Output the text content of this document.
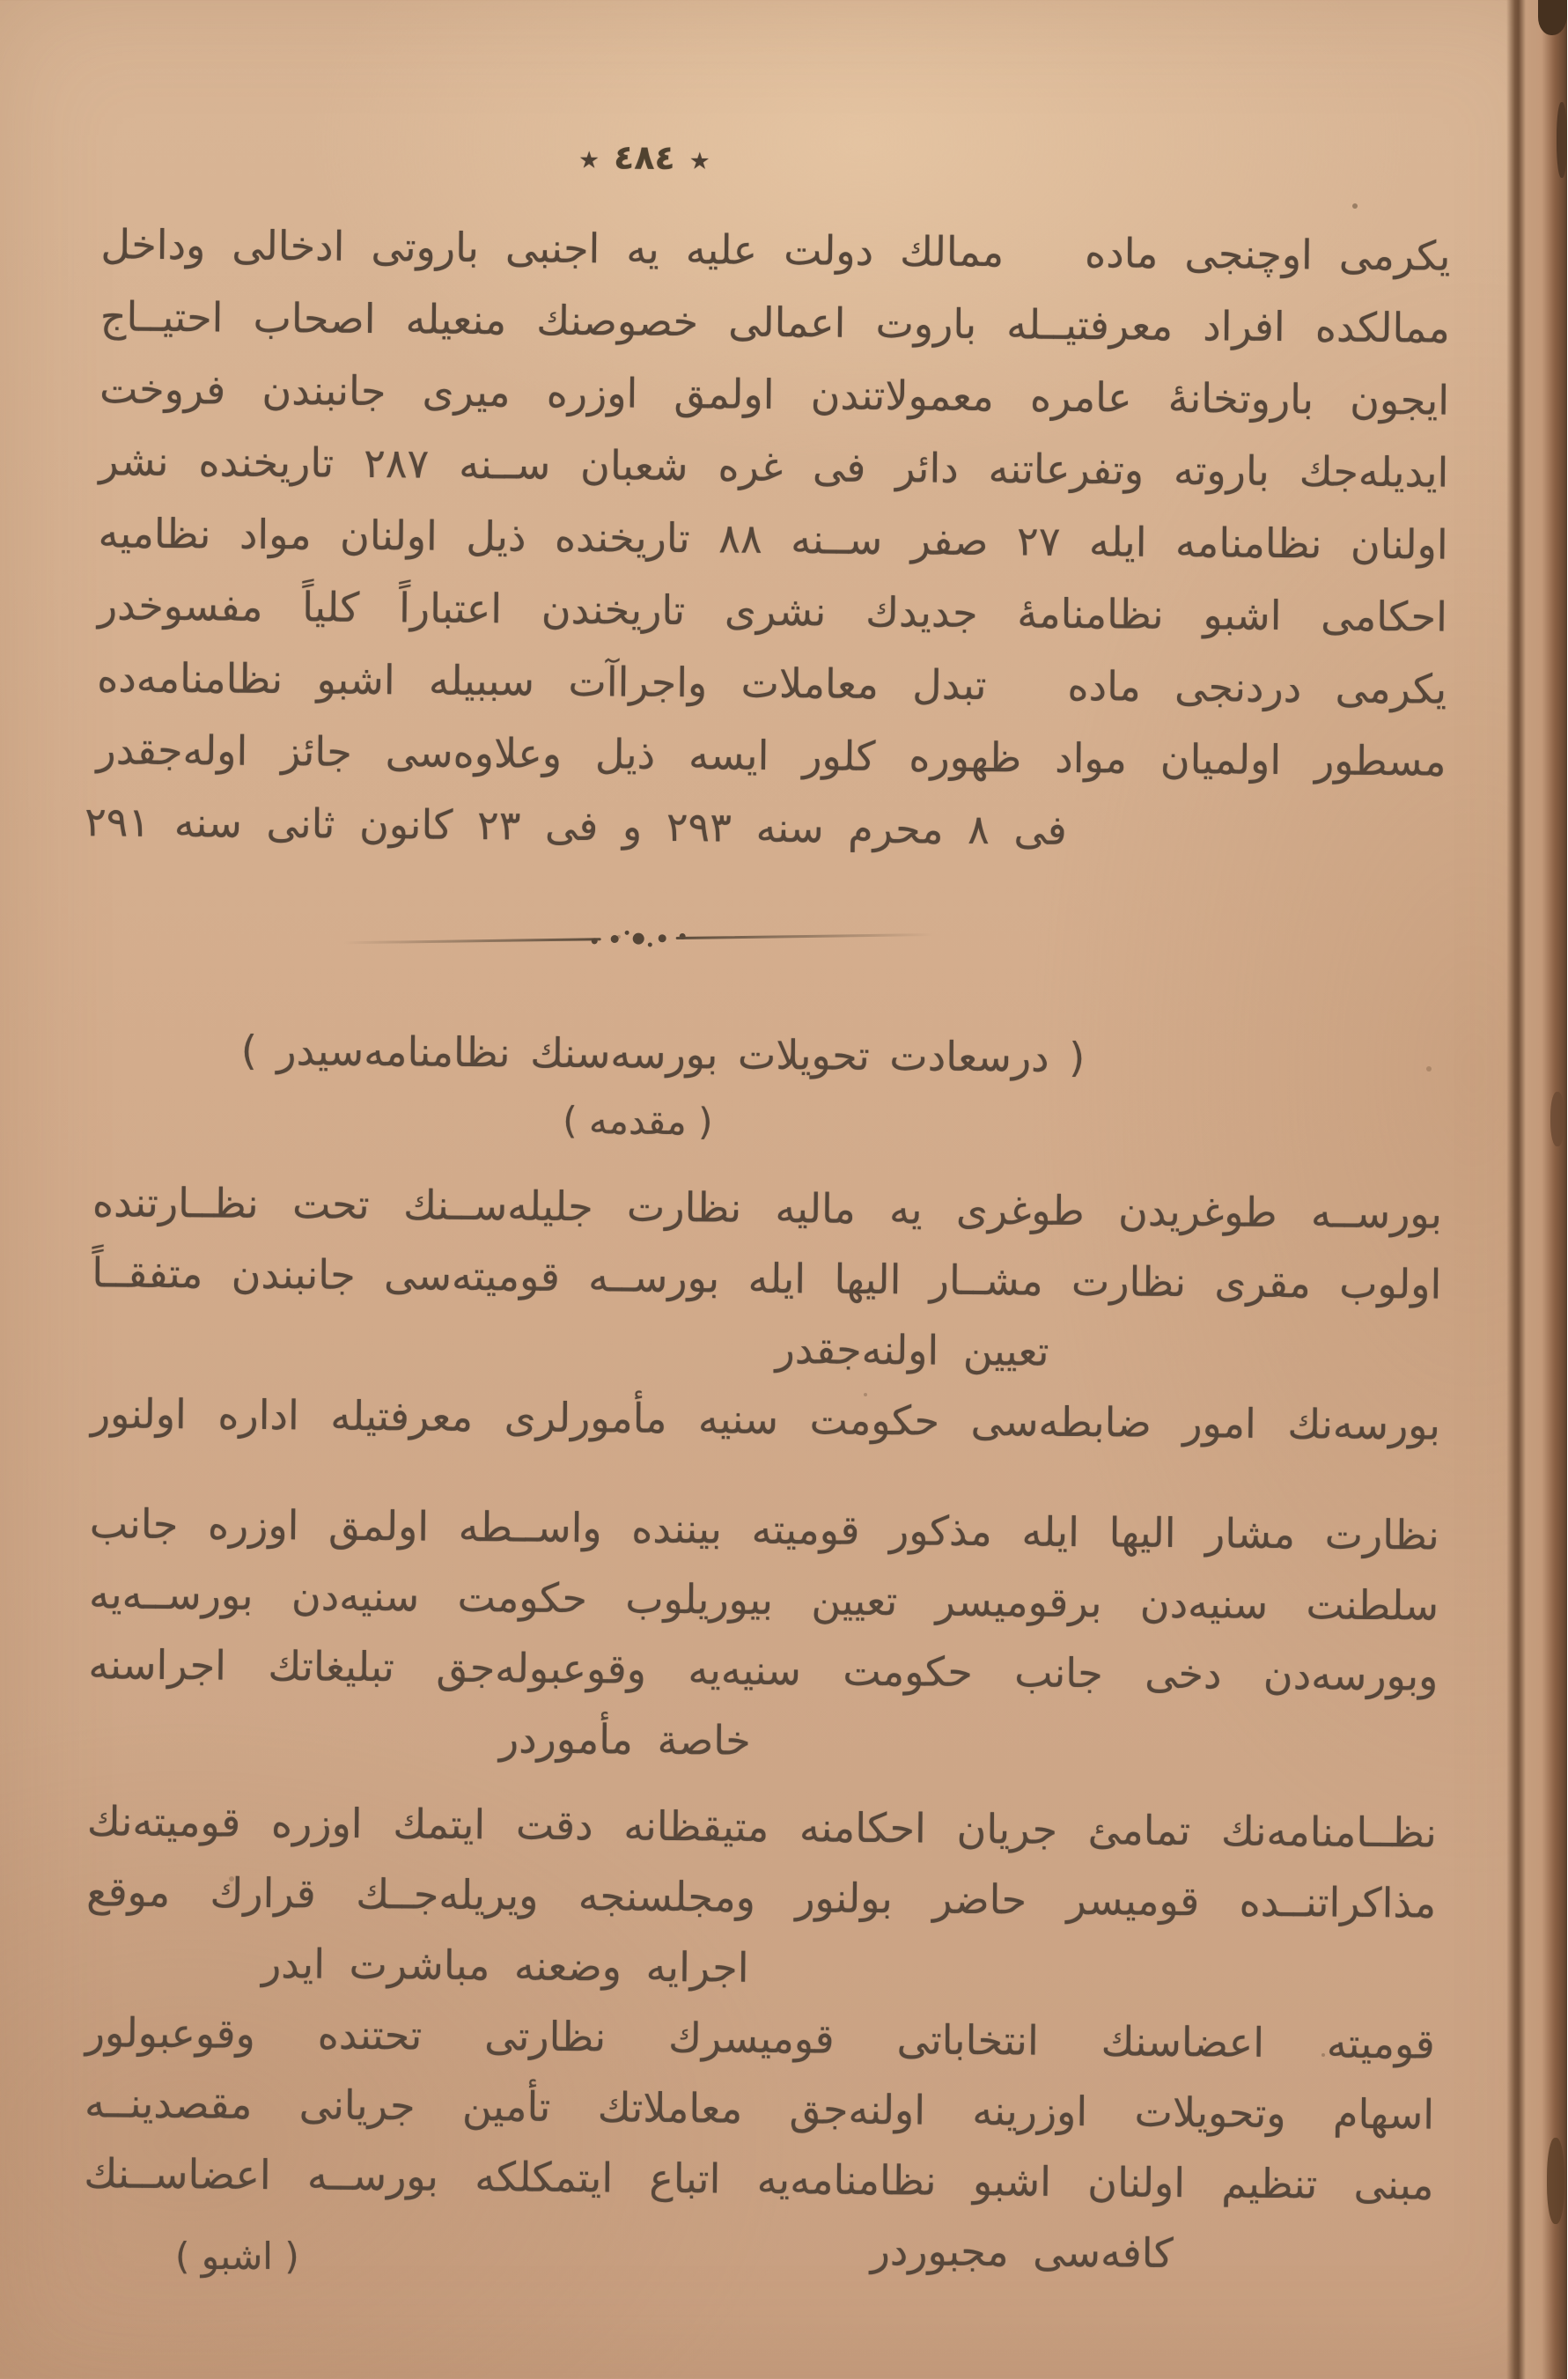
٭٤٨٤٭
يكرمى اوچنجى ماده  ممالك دولت عليه يه اجنبى باروتى ادخالى وداخل
ممالكده افراد معرفتيــله باروت اعمالى خصوصنك منعيله اصحاب احتيــاج
ايجون باروتخانهٔ عامره معمولاتندن اولمق اوزره ميرى جانبندن فروخت
ايديله‌جك باروته وتفرعاتنه دائر فى غره شعبان ســنه ٢٨٧ تاريخنده نشر
اولنان نظامنامه ايله ٢٧ صفر ســنه ٨٨ تاريخنده ذيل اولنان مواد نظاميه
احكامى اشبو نظامنامهٔ جديدك نشرى تاريخندن اعتباراً كلياً مفسوخدر
يكرمى دردنجى ماده  تبدل معاملات واجراآت سببيله اشبو نظامنامه‌ده
مسطور اولميان مواد ظهوره كلور ايسه ذيل وعلاوه‌سى جائز اوله‌جقدر
فى ٨ محرم سنه ٢٩٣ و فى ٢٣ كانون ثانى سنه ٢٩١
( درسعادت تحويلات بورسه‌سنك نظامنامه‌سيدر )
( مقدمه )
بورســه طوغريدن طوغرى يه ماليه نظارت جليله‌ســنك تحت نظــارتنده
اولوب مقرى نظارت مشــار اليها ايله بورســه قوميته‌سى جانبندن متفقــاً
تعيين اولنه‌جقدر
بورسه‌نك امور ضابطه‌سى حكومت سنيه مأمورلرى معرفتيله اداره اولنور
نظارت مشار اليها ايله مذكور قوميته بيننده واســطه اولمق اوزره جانب
سلطنت سنيه‌دن برقوميسر تعيين بيوريلوب حكومت سنيه‌دن بورســه‌يه
وبورسه‌دن دخى جانب حكومت سنيه‌يه وقوعبوله‌جق تبليغاتك اجراسنه
خاصة مأموردر
نظــامنامه‌نك تمامئ جريان احكامنه متيقظانه دقت ايتمك اوزره قوميته‌نك
مذاكراتنــده قوميسر حاضر بولنور ومجلسنجه ويريله‌جــك قرارك موقع
اجرايه وضعنه مباشرت ايدر
قوميته اعضاسنك انتخاباتى قوميسرك نظارتى تحتنده وقوعبولور
اسهام وتحويلات اوزرينه اولنه‌جق معاملاتك تأمين جريانى مقصدينــه
مبنى تنظيم اولنان اشبو نظامنامه‌يه اتباع ايتمكلكه بورســه اعضاســنك
كافه‌سى مجبوردر
( اشبو )
